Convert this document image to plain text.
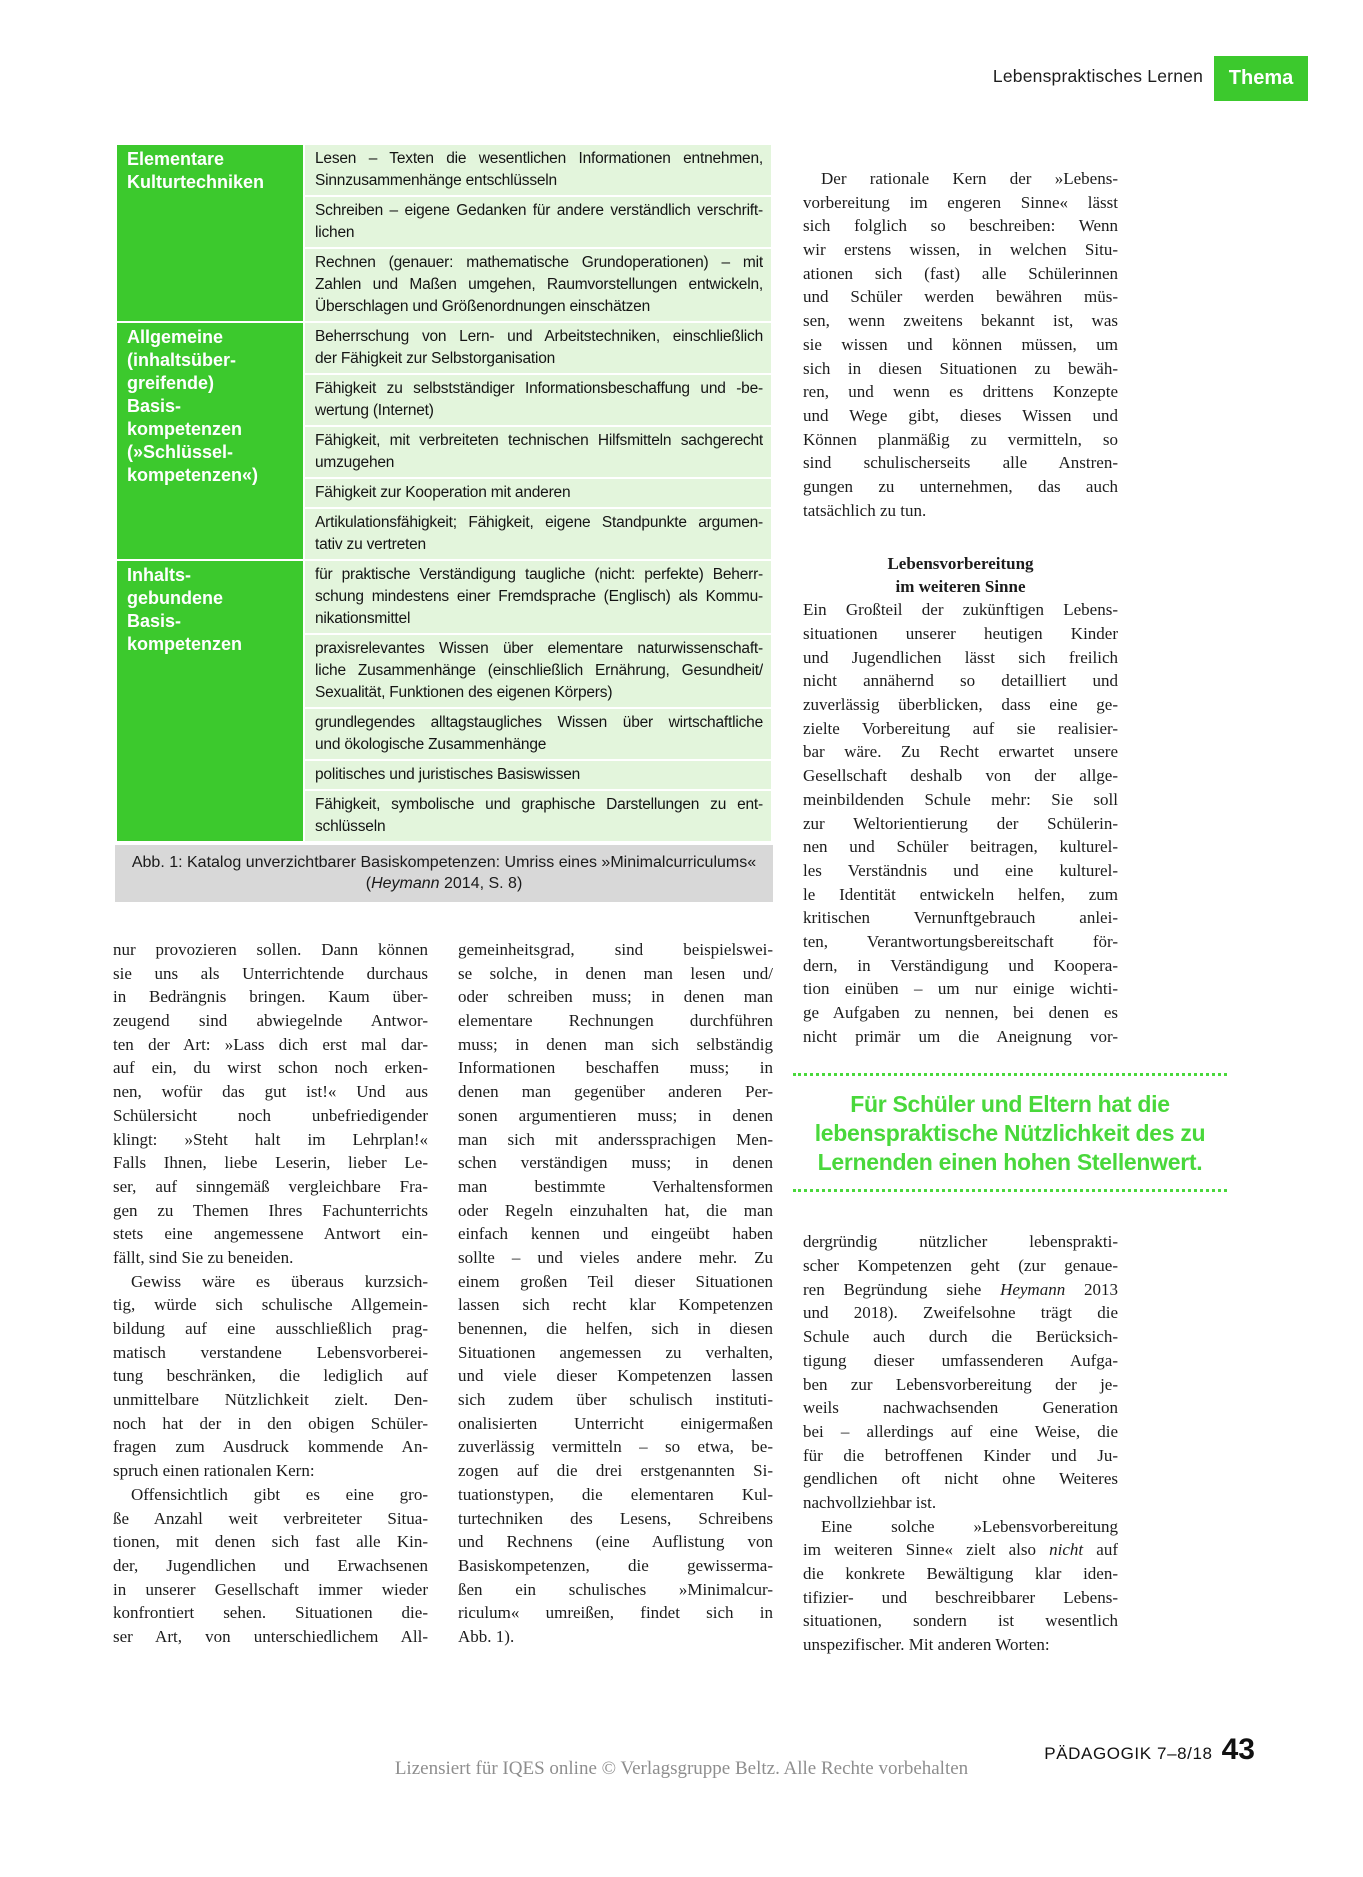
Lebenspraktisches Lernen	Thema
Elementare
Kulturtechniken

Lesen – Texten die wesentlichen Informationen entnehmen,
Sinnzusammenhänge entschlüsseln

	Schreiben – eigene Gedanken für andere verständlich verschrift-
lichen

	Rechnen (genauer: mathematische Grundoperationen) – mit
Zahlen und Maßen umgehen, Raumvorstellungen entwickeln,
Überschlagen und Größenordnungen einschätzen

Allgemeine
(inhaltsüber-
greifende)
Basis-
kompetenzen
(»Schlüssel-
kompetenzen«)

Beherrschung von Lern- und Arbeitstechniken, einschließlich
der Fähigkeit zur Selbstorganisation

	Fähigkeit zu selbstständiger Informationsbeschaffung und -be-
wertung (Internet)

	Fähigkeit, mit verbreiteten technischen Hilfsmitteln sachgerecht
umzugehen

	Fähigkeit zur Kooperation mit anderen

	Artikulationsfähigkeit; Fähigkeit, eigene Standpunkte argumen-
tativ zu vertreten

Inhalts-
gebundene
Basis-
kompetenzen

für praktische Verständigung taugliche (nicht: perfekte) Beherr-
schung mindestens einer Fremdsprache (Englisch) als Kommu-
nikationsmittel

	praxisrelevantes Wissen über elementare naturwissenschaft-
liche Zusammenhänge (einschließlich Ernährung, Gesundheit/
Sexualität, Funktionen des eigenen Körpers)

	grundlegendes alltagstaugliches Wissen über wirtschaftliche
und ökologische Zusammenhänge

	politisches und juristisches Basiswissen

	Fähigkeit, symbolische und graphische Darstellungen zu ent-
schlüsseln
Abb. 1: Katalog unverzichtbarer Basiskompetenzen: Umriss eines »Minimalcurriculums«
(Heymann 2014, S. 8)
nur provozieren sollen. Dann können
sie uns als Unterrichtende durchaus
in Bedrängnis bringen. Kaum über-
zeugend sind abwiegelnde Antwor-
ten der Art: »Lass dich erst mal dar-
auf ein, du wirst schon noch erken-
nen, wofür das gut ist!« Und aus
Schülersicht noch unbefriedigender
klingt: »Steht halt im Lehrplan!«
Falls Ihnen, liebe Leserin, lieber Le-
ser, auf sinngemäß vergleichbare Fra-
gen zu Themen Ihres Fachunterrichts
stets eine angemessene Antwort ein-
fällt, sind Sie zu beneiden.
Gewiss wäre es überaus kurzsich-
tig, würde sich schulische Allgemein-
bildung auf eine ausschließlich prag-
matisch verstandene Lebensvorberei-
tung beschränken, die lediglich auf
unmittelbare Nützlichkeit zielt. Den-
noch hat der in den obigen Schüler-
fragen zum Ausdruck kommende An-
spruch einen rationalen Kern:
Offensichtlich gibt es eine gro-
ße Anzahl weit verbreiteter Situa-
tionen, mit denen sich fast alle Kin-
der, Jugendlichen und Erwachsenen
in unserer Gesellschaft immer wieder
konfrontiert sehen. Situationen die-
ser Art, von unterschiedlichem All-
gemeinheitsgrad, sind beispielswei-
se solche, in denen man lesen und/
oder schreiben muss; in denen man
elementare Rechnungen durchführen
muss; in denen man sich selbständig
Informationen beschaffen muss; in
denen man gegenüber anderen Per-
sonen argumentieren muss; in denen
man sich mit anderssprachigen Men-
schen verständigen muss; in denen
man bestimmte Verhaltensformen
oder Regeln einzuhalten hat, die man
einfach kennen und eingeübt haben
sollte – und vieles andere mehr. Zu
einem großen Teil dieser Situationen
lassen sich recht klar Kompetenzen
benennen, die helfen, sich in diesen
Situationen angemessen zu verhalten,
und viele dieser Kompetenzen lassen
sich zudem über schulisch instituti-
onalisierten Unterricht einigermaßen
zuverlässig vermitteln – so etwa, be-
zogen auf die drei erstgenannten Si-
tuationstypen, die elementaren Kul-
turtechniken des Lesens, Schreibens
und Rechnens (eine Auflistung von
Basiskompetenzen, die gewisserma-
ßen ein schulisches »Minimalcur-
riculum« umreißen, findet sich in
Abb. 1).
Der rationale Kern der »Lebens-
vorbereitung im engeren Sinne« lässt
sich folglich so beschreiben: Wenn
wir erstens wissen, in welchen Situ-
ationen sich (fast) alle Schülerinnen
und Schüler werden bewähren müs-
sen, wenn zweitens bekannt ist, was
sie wissen und können müssen, um
sich in diesen Situationen zu bewäh-
ren, und wenn es drittens Konzepte
und Wege gibt, dieses Wissen und
Können planmäßig zu vermitteln, so
sind schulischerseits alle Anstren-
gungen zu unternehmen, das auch
tatsächlich zu tun.
Lebensvorbereitung
im weiteren Sinne
Ein Großteil der zukünftigen Lebens-
situationen unserer heutigen Kinder
und Jugendlichen lässt sich freilich
nicht annähernd so detailliert und
zuverlässig überblicken, dass eine ge-
zielte Vorbereitung auf sie realisier-
bar wäre. Zu Recht erwartet unsere
Gesellschaft deshalb von der allge-
meinbildenden Schule mehr: Sie soll
zur Weltorientierung der Schülerin-
nen und Schüler beitragen, kulturel-
les Verständnis und eine kulturel-
le Identität entwickeln helfen, zum
kritischen Vernunftgebrauch anlei-
ten, Verantwortungsbereitschaft för-
dern, in Verständigung und Koopera-
tion einüben – um nur einige wichti-
ge Aufgaben zu nennen, bei denen es
nicht primär um die Aneignung vor-
Für Schüler und Eltern hat die
lebenspraktische Nützlichkeit des zu
Lernenden einen hohen Stellenwert.
dergründig nützlicher lebensprakti-
scher Kompetenzen geht (zur genaue-
ren Begründung siehe Heymann 2013
und 2018). Zweifelsohne trägt die
Schule auch durch die Berücksich-
tigung dieser umfassenderen Aufga-
ben zur Lebensvorbereitung der je-
weils nachwachsenden Generation
bei – allerdings auf eine Weise, die
für die betroffenen Kinder und Ju-
gendlichen oft nicht ohne Weiteres
nachvollziehbar ist.
Eine solche »Lebensvorbereitung
im weiteren Sinne« zielt also nicht auf
die konkrete Bewältigung klar iden-
tifizier- und beschreibbarer Lebens-
situationen, sondern ist wesentlich
unspezifischer. Mit anderen Worten:
Lizensiert für IQES online © Verlagsgruppe Beltz. Alle Rechte vorbehalten
PÄDAGOGIK 7–8/18 43
